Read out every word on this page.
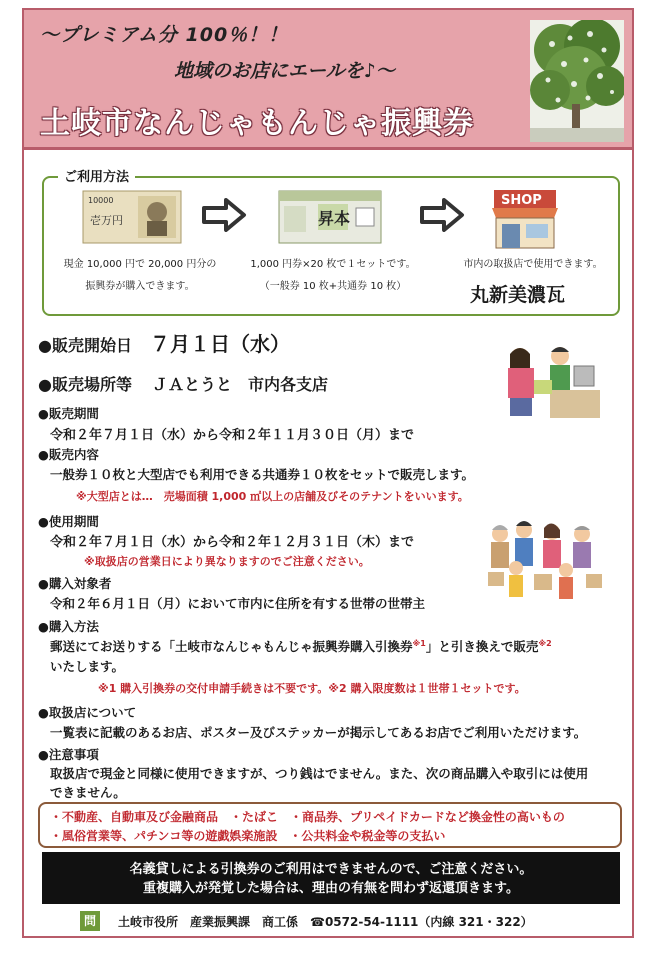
～プレミアム分 100％！！
地域のお店にエールを♪～
土岐市なんじゃもんじゃ振興券
ご利用方法
10000
壱万円	昇本
SHOP
現金 10,000 円で 20,000 円分の
振興券が購入できます。
1,000 円券×20 枚で１セットです。
（一般券 10 枚+共通券 10 枚）
市内の取扱店で使用できます。
丸新美濃瓦
●販売開始日 ７月１日（水）
●販売場所等 ＪＡとうと　市内各支店
●販売期間
令和２年７月１日（水）から令和２年１１月３０日（月）まで
●販売内容
一般券１０枚と大型店でも利用できる共通券１０枚をセットで販売します。
※大型店とは…　売場面積 1,000 ㎡以上の店舗及びそのテナントをいいます。
●使用期間
令和２年７月１日（水）から令和２年１２月３１日（木）まで
※取扱店の営業日により異なりますのでご注意ください。
●購入対象者
令和２年６月１日（月）において市内に住所を有する世帯の世帯主
●購入方法
郵送にてお送りする「土岐市なんじゃもんじゃ振興券購入引換券$^{※1}$」と引き換えで販売$^{※2}$
いたします。
※1 購入引換券の交付申請手続きは不要です。※2 購入限度数は１世帯１セットです。
●取扱店について
一覧表に記載のあるお店、ポスター及びステッカーが掲示してあるお店でご利用いただけます。
●注意事項
取扱店で現金と同様に使用できますが、つり銭はでません。また、次の商品購入や取引には使用
できません。
・不動産、自動車及び金融商品　・たばこ　・商品券、プリペイドカードなど換金性の高いもの
・風俗営業等、パチンコ等の遊戯娯楽施設　・公共料金や税金等の支払い
名義貸しによる引換券のご利用はできませんので、ご注意ください。
重複購入が発覚した場合は、理由の有無を問わず返還頂きます。
問	土岐市役所　産業振興課　商工係　☎0572-54-1111（内線 321・322）
